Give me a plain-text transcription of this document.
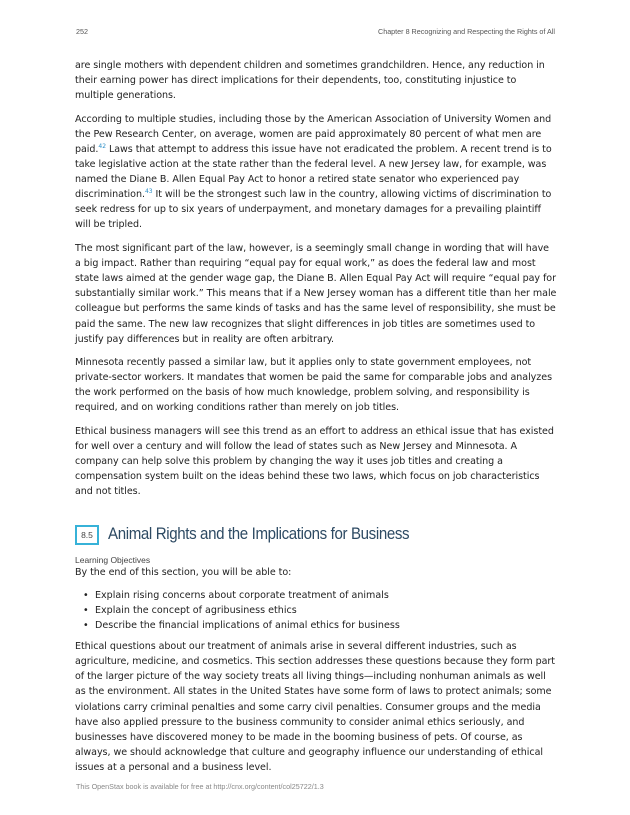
252	Chapter 8 Recognizing and Respecting the Rights of All

are single mothers with dependent children and sometimes grandchildren. Hence, any reduction in their earning power has direct implications for their dependents, too, constituting injustice to multiple generations.

According to multiple studies, including those by the American Association of University Women and the Pew Research Center, on average, women are paid approximately 80 percent of what men are paid.$^{42}$ Laws that attempt to address this issue have not eradicated the problem. A recent trend is to take legislative action at the state rather than the federal level. A new Jersey law, for example, was named the Diane B. Allen Equal Pay Act to honor a retired state senator who experienced pay discrimination.$^{43}$ It will be the strongest such law in the country, allowing victims of discrimination to seek redress for up to six years of underpayment, and monetary damages for a prevailing plaintiff will be tripled.

The most significant part of the law, however, is a seemingly small change in wording that will have a big impact. Rather than requiring “equal pay for equal work,” as does the federal law and most state laws aimed at the gender wage gap, the Diane B. Allen Equal Pay Act will require “equal pay for substantially similar work.” This means that if a New Jersey woman has a different title than her male colleague but performs the same kinds of tasks and has the same level of responsibility, she must be paid the same. The new law recognizes that slight differences in job titles are sometimes used to justify pay differences but in reality are often arbitrary.

Minnesota recently passed a similar law, but it applies only to state government employees, not private-sector workers. It mandates that women be paid the same for comparable jobs and analyzes the work performed on the basis of how much knowledge, problem solving, and responsibility is required, and on working conditions rather than merely on job titles.

Ethical business managers will see this trend as an effort to address an ethical issue that has existed for well over a century and will follow the lead of states such as New Jersey and Minnesota. A company can help solve this problem by changing the way it uses job titles and creating a compensation system built on the ideas behind these two laws, which focus on job characteristics and not titles.

8.5 Animal Rights and the Implications for Business
Learning Objectives

By the end of this section, you will be able to:

• Explain rising concerns about corporate treatment of animals
• Explain the concept of agribusiness ethics
• Describe the financial implications of animal ethics for business

Ethical questions about our treatment of animals arise in several different industries, such as agriculture, medicine, and cosmetics. This section addresses these questions because they form part of the larger picture of the way society treats all living things—including nonhuman animals as well as the environment. All states in the United States have some form of laws to protect animals; some violations carry criminal penalties and some carry civil penalties. Consumer groups and the media have also applied pressure to the business community to consider animal ethics seriously, and businesses have discovered money to be made in the booming business of pets. Of course, as always, we should acknowledge that culture and geography influence our understanding of ethical issues at a personal and a business level.

This OpenStax book is available for free at http://cnx.org/content/col25722/1.3
